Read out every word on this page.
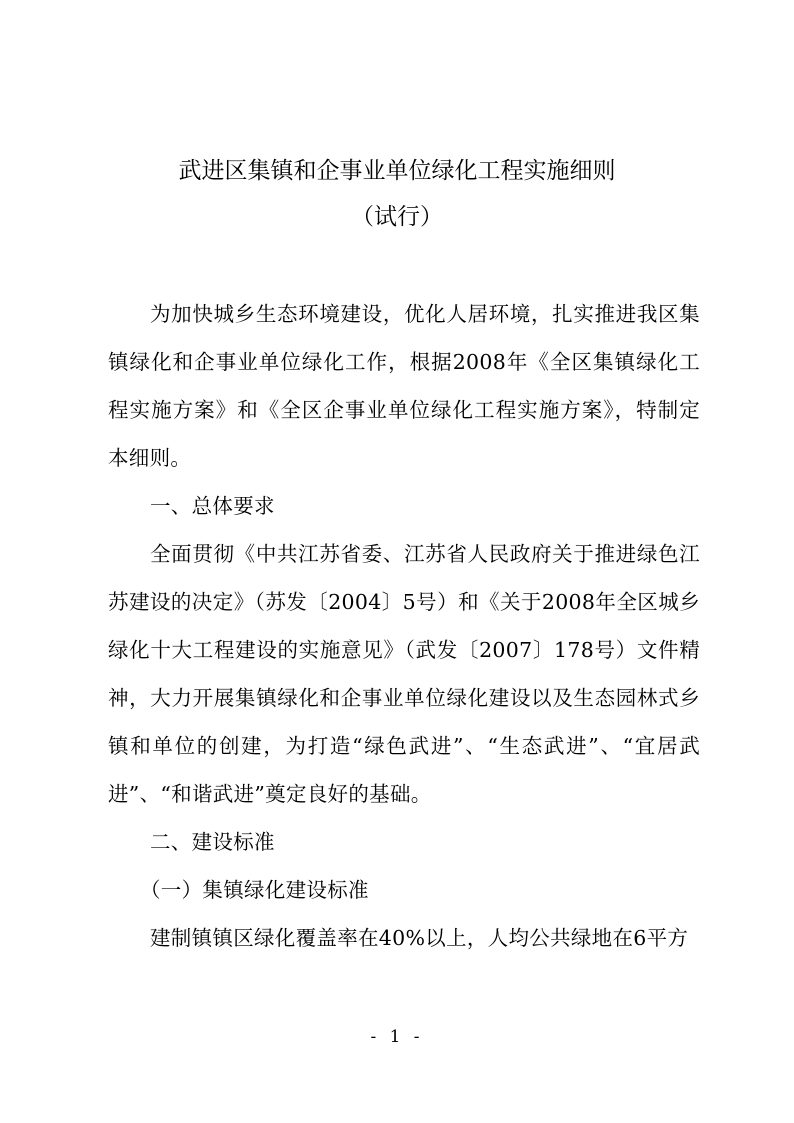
武进区集镇和企事业单位绿化工程实施细则
（试行）

为加快城乡生态环境建设，优化人居环境，扎实推进我区集镇绿化和企事业单位绿化工作，根据2008年《全区集镇绿化工程实施方案》和《全区企事业单位绿化工程实施方案》，特制定本细则。

一、总体要求

全面贯彻《中共江苏省委、江苏省人民政府关于推进绿色江苏建设的决定》（苏发〔2004〕5号）和《关于2008年全区城乡绿化十大工程建设的实施意见》（武发〔2007〕178号）文件精神，大力开展集镇绿化和企事业单位绿化建设以及生态园林式乡镇和单位的创建，为打造“绿色武进”、“生态武进”、“宜居武进”、“和谐武进”奠定良好的基础。

二、建设标准

（一）集镇绿化建设标准

建制镇镇区绿化覆盖率在40%以上，人均公共绿地在6平方

- 1 -
